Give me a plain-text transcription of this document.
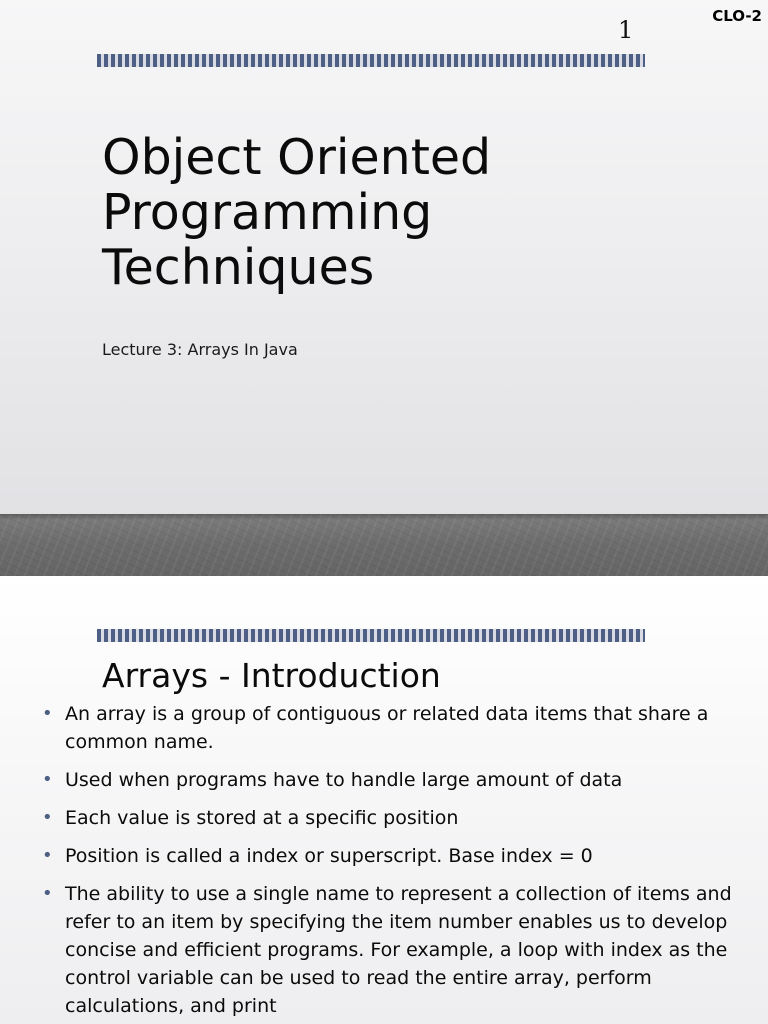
1	CLO-2
Object Oriented
Programming
Techniques
Lecture 3: Arrays In Java
Arrays - Introduction
• An array is a group of contiguous or related data items that share a common name.
• Used when programs have to handle large amount of data
• Each value is stored at a specific position
• Position is called a index or superscript. Base index = 0
• The ability to use a single name to represent a collection of items and refer to an item by specifying the item number enables us to develop concise and efficient programs. For example, a loop with index as the control variable can be used to read the entire array, perform calculations, and print
